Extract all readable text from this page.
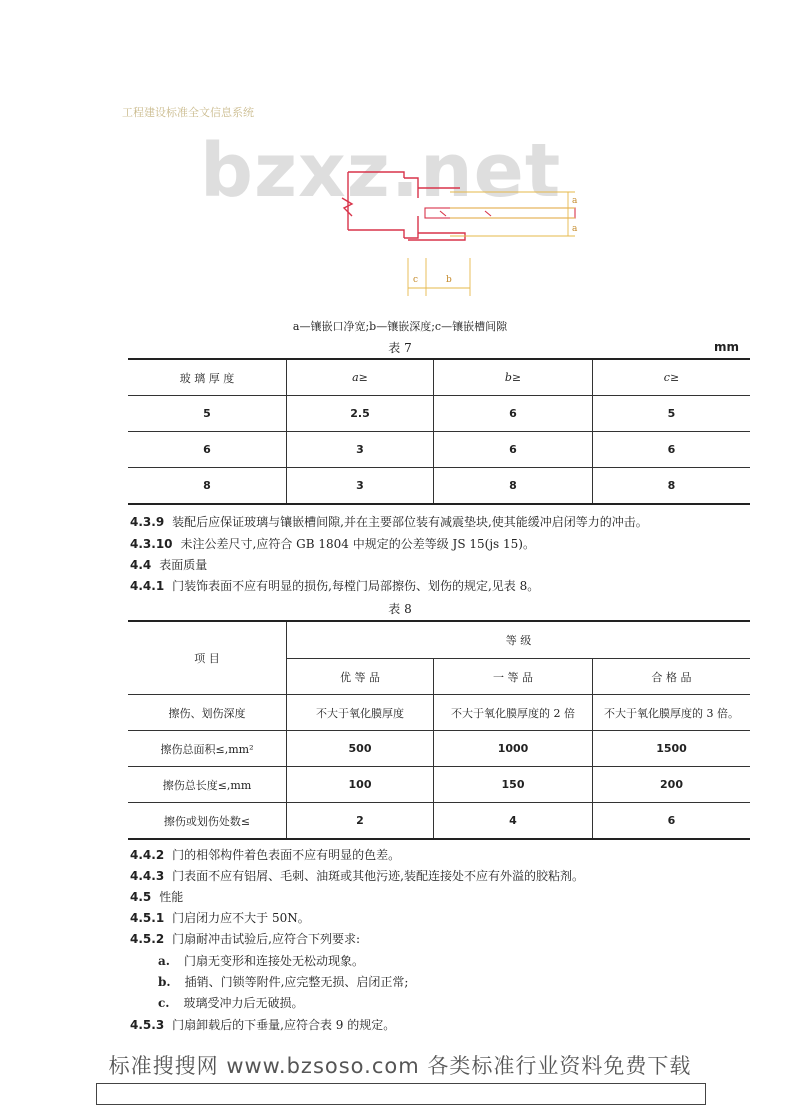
工程建设标准全文信息系统
bzxz.net a
a
c	b
a—镶嵌口净宽;b—镶嵌深度;c—镶嵌槽间隙
表 7	mm
玻 璃 厚 度	a≥	b≥	c≥
5	2.5	6	5
6	3	6	6
8	3	8	8
4.3.9 装配后应保证玻璃与镶嵌槽间隙,并在主要部位装有减震垫块,使其能缓冲启闭等力的冲击。
4.3.10 未注公差尺寸,应符合 GB 1804 中规定的公差等级 JS 15(js 15)。
4.4 表面质量
4.4.1 门装饰表面不应有明显的损伤,每樘门局部擦伤、划伤的规定,见表 8。
表 8
项 目	等 级		
	优 等 品	一 等 品	合 格 品
擦伤、划伤深度	不大于氧化膜厚度	不大于氧化膜厚度的 2 倍	不大于氧化膜厚度的 3 倍。
擦伤总面积≤,mm²	500	1000	1500
擦伤总长度≤,mm	100	150	200
擦伤或划伤处数≤	2	4	6
4.4.2 门的相邻构件着色表面不应有明显的色差。
4.4.3 门表面不应有铝屑、毛刺、油斑或其他污迹,装配连接处不应有外溢的胶粘剂。
4.5 性能
4.5.1 门启闭力应不大于 50N。
4.5.2 门扇耐冲击试验后,应符合下列要求:
a. 门扇无变形和连接处无松动现象。
b. 插销、门锁等附件,应完整无损、启闭正常;
c. 玻璃受冲力后无破损。
4.5.3 门扇卸载后的下垂量,应符合表 9 的规定。
标准搜搜网 www.bzsoso.com 各类标准行业资料免费下载
